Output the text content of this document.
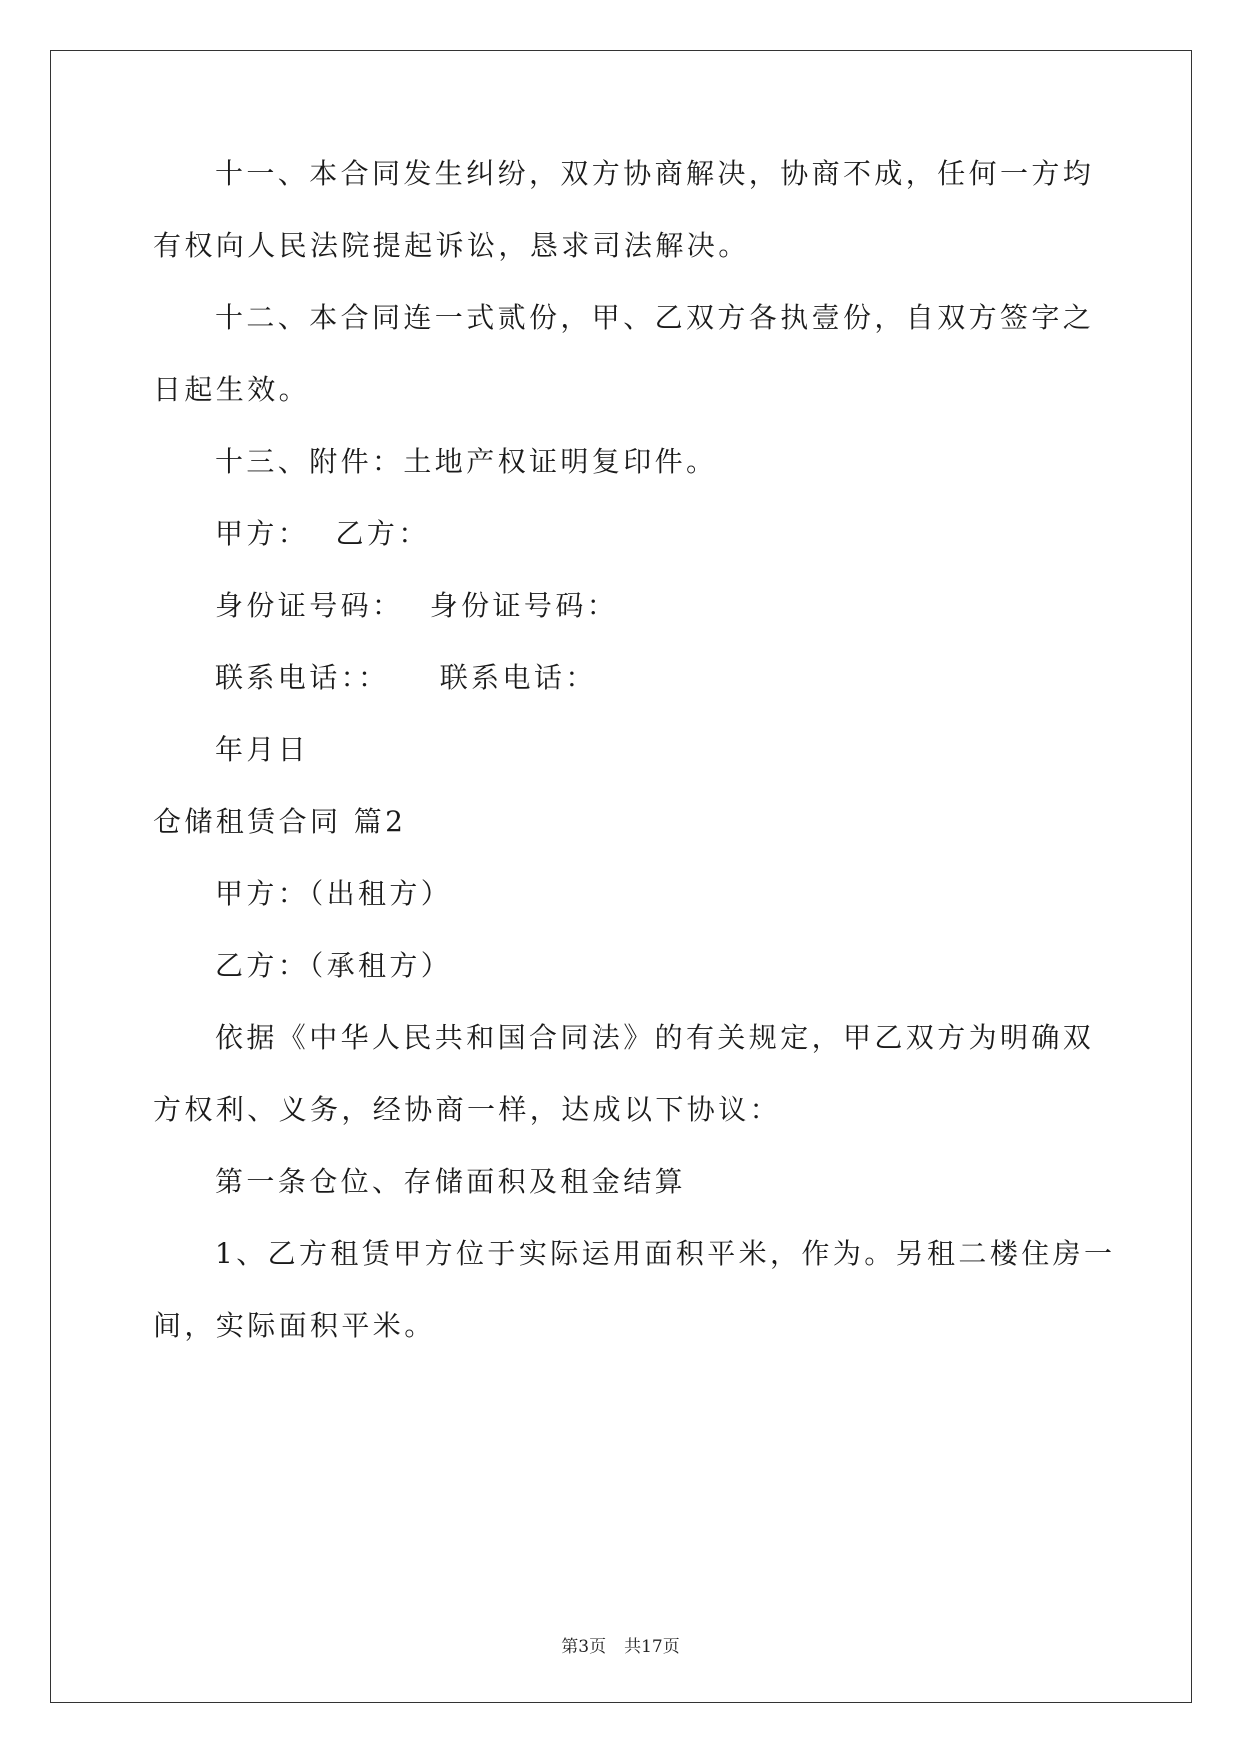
十一、本合同发生纠纷，双方协商解决，协商不成，任何一方均
有权向人民法院提起诉讼，恳求司法解决。
十二、本合同连一式贰份，甲、乙双方各执壹份，自双方签字之
日起生效。
十三、附件：土地产权证明复印件。
甲方： 乙方：
身份证号码： 身份证号码：
联系电话：： 联系电话：
年月日
仓储租赁合同 篇2
甲方：（出租方）
乙方：（承租方）
依据《中华人民共和国合同法》的有关规定，甲乙双方为明确双
方权利、义务，经协商一样，达成以下协议：
第一条仓位、存储面积及租金结算
1、乙方租赁甲方位于实际运用面积平米，作为。另租二楼住房一
间，实际面积平米。
第3页 共17页
